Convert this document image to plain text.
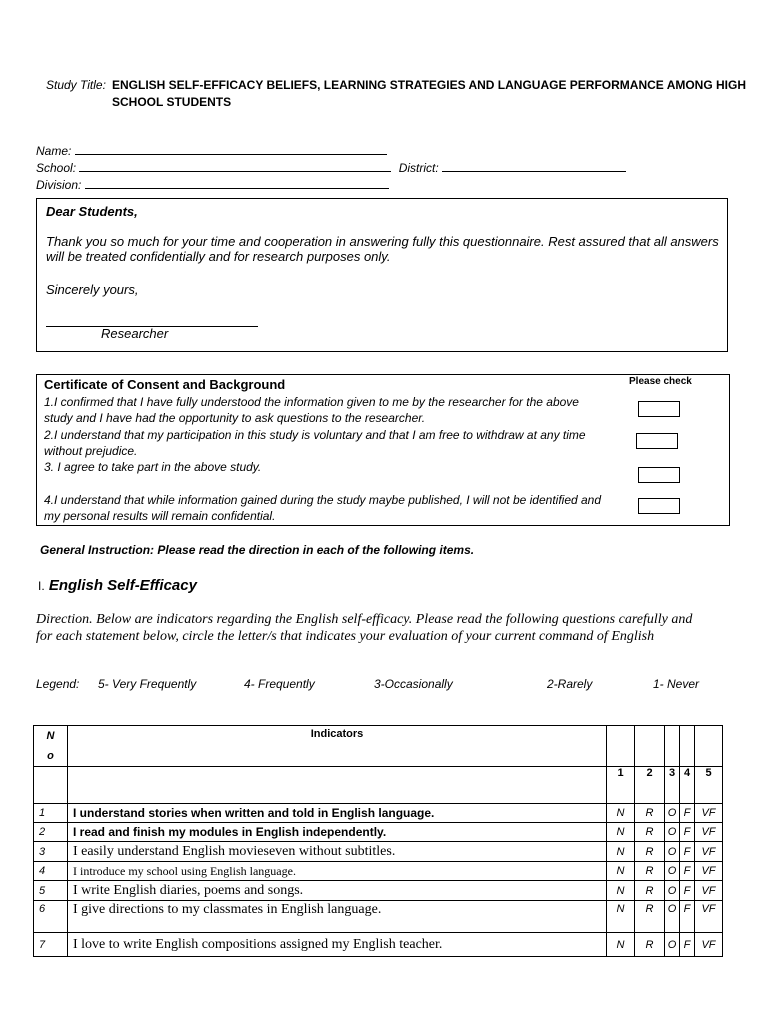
Study Title: ENGLISH SELF-EFFICACY BELIEFS, LEARNING STRATEGIES AND LANGUAGE PERFORMANCE AMONG HIGH
SCHOOL STUDENTS
Name:
School:	District:
Division:
Dear Students,
Thank you so much for your time and cooperation in answering fully this questionnaire. Rest assured that all answers will be treated confidentially and for research purposes only.
Sincerely yours,
Researcher
Certificate of Consent and Background	Please check
1.I confirmed that I have fully understood the information given to me by the researcher for the above study and I have had the opportunity to ask questions to the researcher.
2.I understand that my participation in this study is voluntary and that I am free to withdraw at any time without prejudice.
3. I agree to take part in the above study.
4.I understand that while information gained during the study maybe published, I will not be identified and my personal results will remain confidential.
General Instruction: Please read the direction in each of the following items.
I. English Self-Efficacy
Direction. Below are indicators regarding the English self-efficacy. Please read the following questions carefully and for each statement below, circle the letter/s that indicates your evaluation of your current command of English
Legend: 5- Very Frequently	4- Frequently	3-Occasionally	2-Rarely	1- Never
N
o	Indicators					
		1	2	3	4	5
1	I understand stories when written and told in English language.	N	R	O	F	VF
2	I read and finish my modules in English independently.	N	R	O	F	VF
3	I easily understand English movieseven without subtitles.	N	R	O	F	VF
4	I introduce my school using English language.	N	R	O	F	VF
5	I write English diaries, poems and songs.	N	R	O	F	VF
6	I give directions to my classmates in English language.	N	R	O	F	VF
7	I love to write English compositions assigned my English teacher.	N	R	O	F	VF
